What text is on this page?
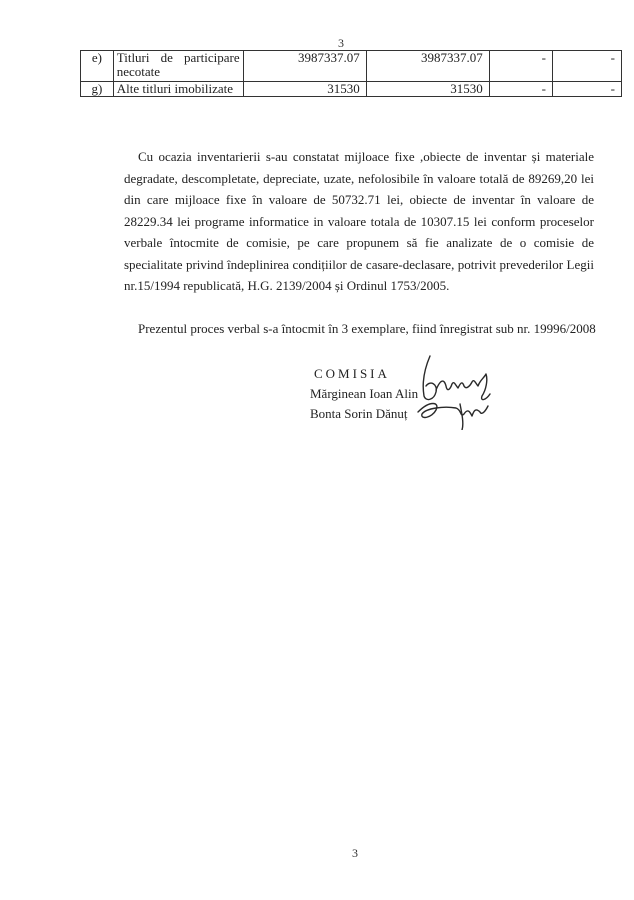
3
e)	Titluri de participare necotate	3987337.07	3987337.07	-	-
g)	Alte titluri imobilizate	31530	31530	-	-
Cu ocazia inventarierii s-au constatat mijloace fixe ,obiecte de inventar și materiale degradate, descompletate, depreciate, uzate, nefolosibile în valoare totală de 89269,20 lei din care mijloace fixe în valoare de 50732.71 lei, obiecte de inventar în valoare de 28229.34 lei programe informatice in valoare totala de 10307.15 lei conform proceselor verbale întocmite de comisie, pe care propunem să fie analizate de o comisie de specialitate privind îndeplinirea condițiilor de casare-declasare, potrivit prevederilor Legii nr.15/1994 republicată, H.G. 2139/2004 și Ordinul 1753/2005.
Prezentul proces verbal s-a întocmit în 3 exemplare, fiind înregistrat sub nr. 19996/2008
COMISIA
Mărginean Ioan Alin
Bonta Sorin Dănuț
3
